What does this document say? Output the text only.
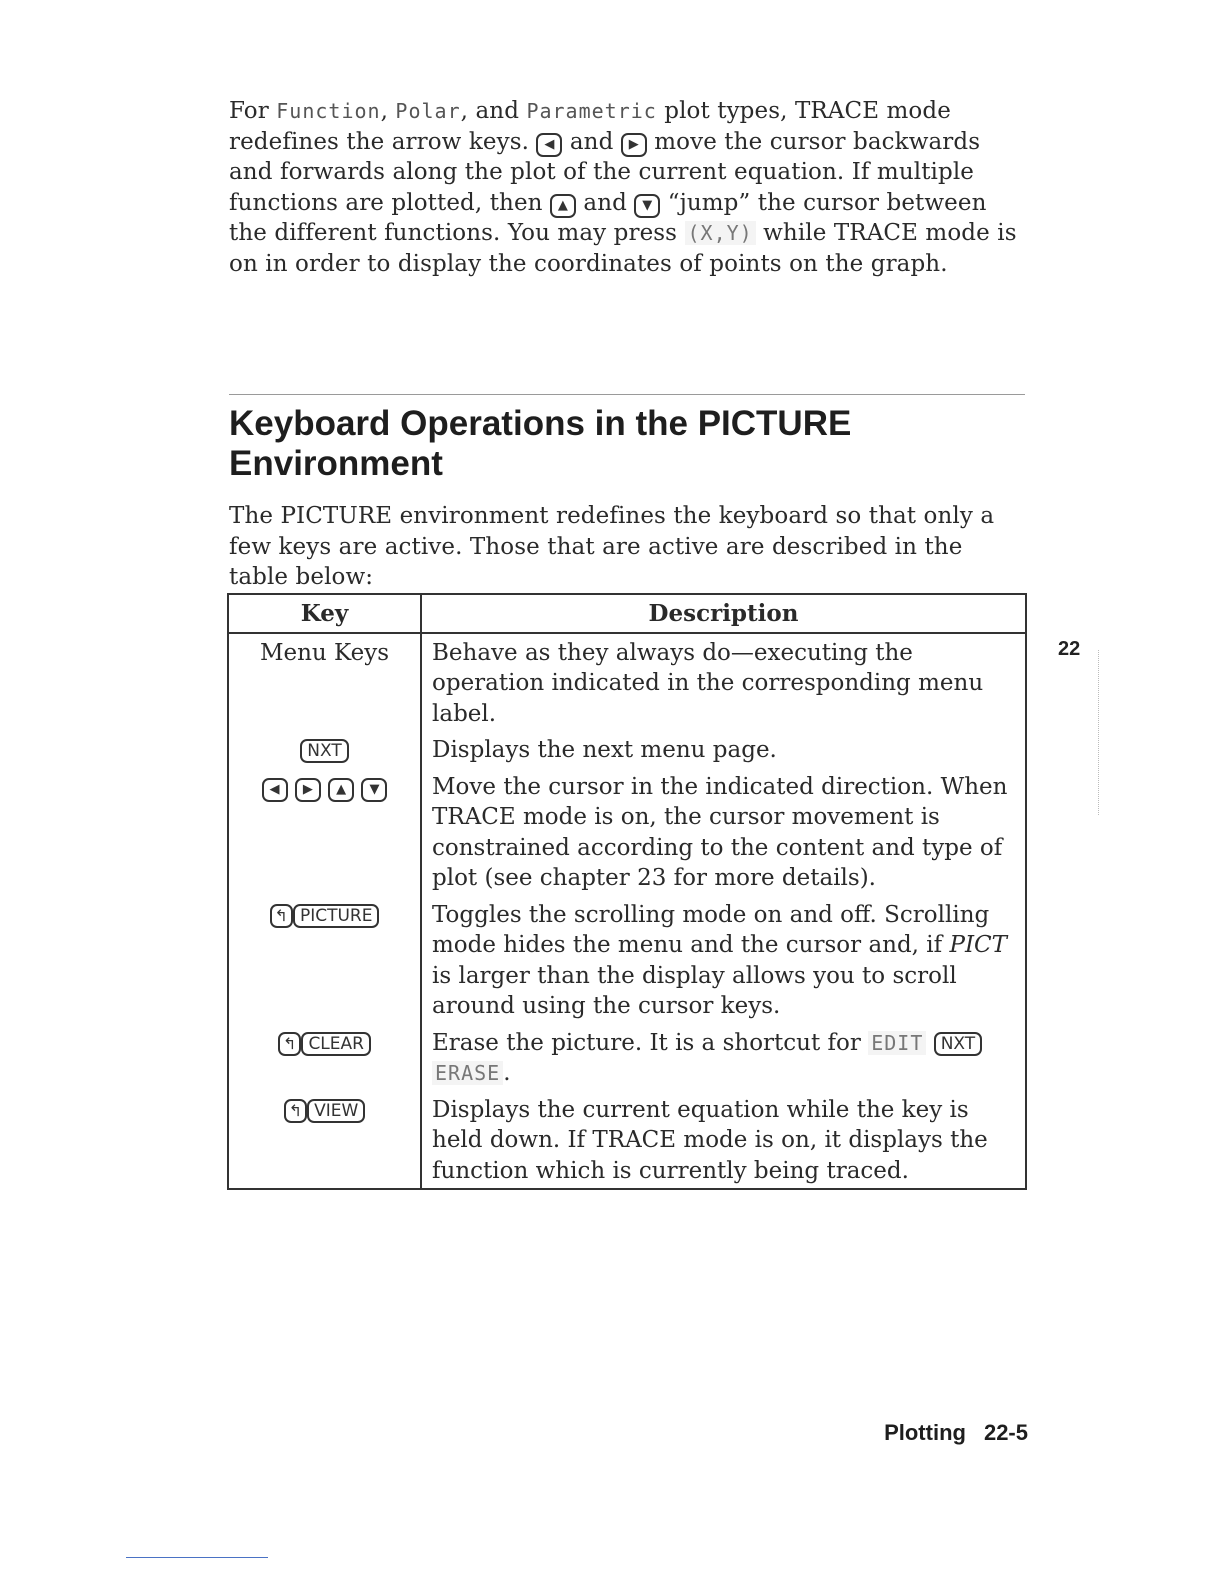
For Function, Polar, and Parametric plot types, TRACE mode redefines the arrow keys. ◀ and ▶ move the cursor backwards and forwards along the plot of the current equation. If multiple functions are plotted, then ▲ and ▼ “jump” the cursor between the different functions. You may press (X,Y) while TRACE mode is on in order to display the coordinates of points on the graph.

Keyboard Operations in the PICTURE
Environment

The PICTURE environment redefines the keyboard so that only a few keys are active. Those that are active are described in the table below:

Key	Description
Menu Keys	Behave as they always do—executing the operation indicated in the corresponding menu label.
NXT	Displays the next menu page.
◀ ▶ ▲ ▼	Move the cursor in the indicated direction. When TRACE mode is on, the cursor movement is constrained according to the content and type of plot (see chapter 23 for more details).
↰ PICTURE	Toggles the scrolling mode on and off. Scrolling mode hides the menu and the cursor and, if PICT is larger than the display allows you to scroll around using the cursor keys.
↰ CLEAR	Erase the picture. It is a shortcut for EDIT NXT ERASE .
↰ VIEW	Displays the current equation while the key is held down. If TRACE mode is on, it displays the function which is currently being traced.
22
Plotting 22-5
